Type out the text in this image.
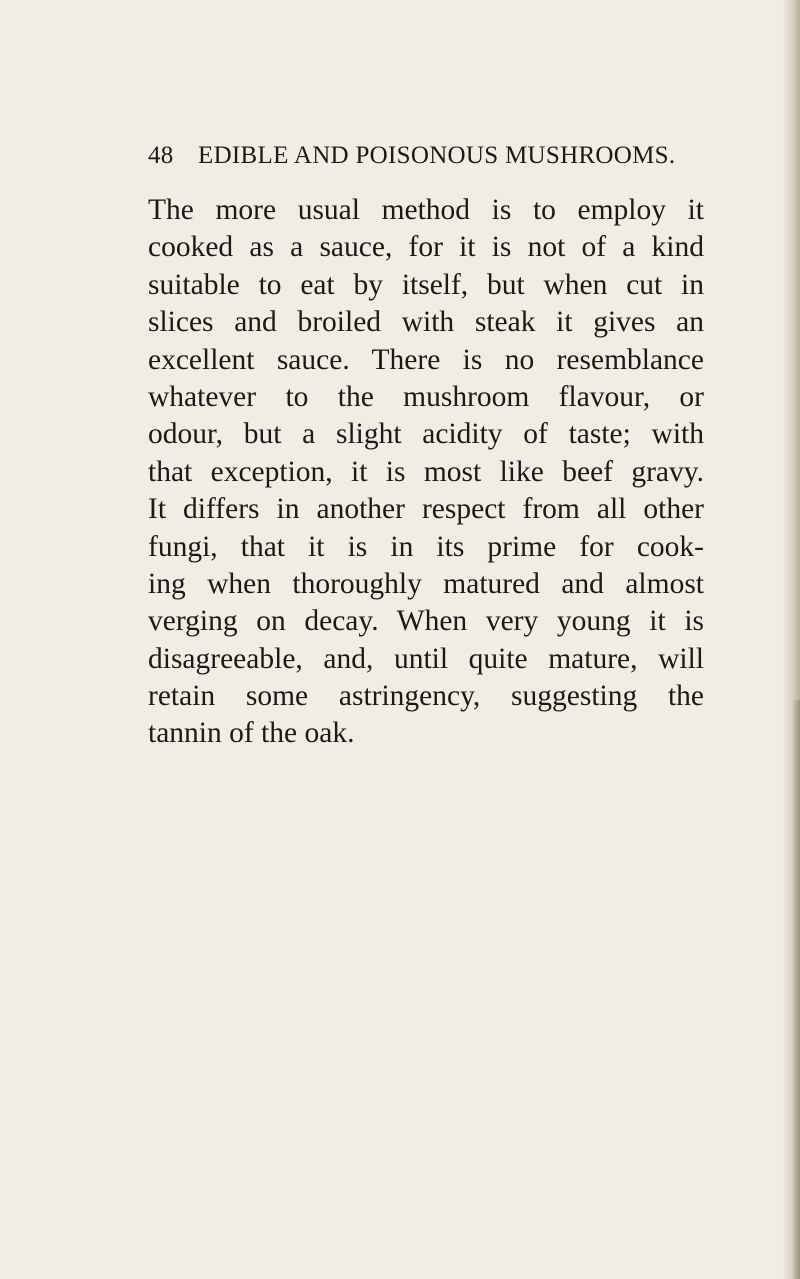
48 EDIBLE AND POISONOUS MUSHROOMS.
The more usual method is to employ it
cooked as a sauce, for it is not of a kind
suitable to eat by itself, but when cut in
slices and broiled with steak it gives an
excellent sauce. There is no resemblance
whatever to the mushroom flavour, or
odour, but a slight acidity of taste; with
that exception, it is most like beef gravy.
It differs in another respect from all other
fungi, that it is in its prime for cook-
ing when thoroughly matured and almost
verging on decay. When very young it is
disagreeable, and, until quite mature, will
retain some astringency, suggesting the
tannin of the oak.
